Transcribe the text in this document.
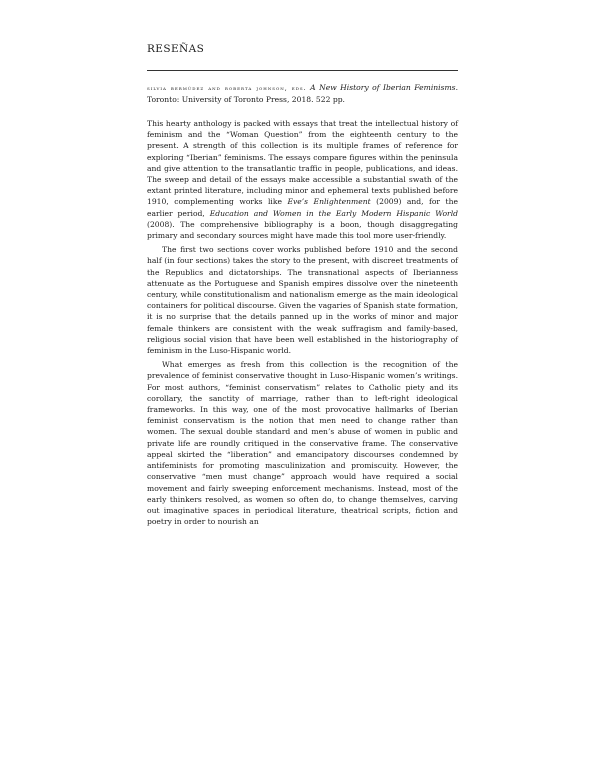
RESEÑAS

silvia bermúdez and roberta johnson, eds. A New History of Iberian Feminisms. Toronto: University of Toronto Press, 2018. 522 pp.

This hearty anthology is packed with essays that treat the intellectual history of feminism and the “Woman Question” from the eighteenth century to the present. A strength of this collection is its multiple frames of reference for exploring “Iberian” feminisms. The essays compare figures within the peninsula and give attention to the transatlantic traffic in people, publications, and ideas. The sweep and detail of the essays make accessible a substantial swath of the extant printed literature, including minor and ephemeral texts published before 1910, complementing works like Eve’s Enlightenment (2009) and, for the earlier period, Education and Women in the Early Modern Hispanic World (2008). The comprehensive bibliography is a boon, though disaggregating primary and secondary sources might have made this tool more user-friendly.

The first two sections cover works published before 1910 and the second half (in four sections) takes the story to the present, with discreet treatments of the Republics and dictatorships. The transnational aspects of Iberianness attenuate as the Portuguese and Spanish empires dissolve over the nineteenth century, while constitutionalism and nationalism emerge as the main ideological containers for political discourse. Given the vagaries of Spanish state formation, it is no surprise that the details panned up in the works of minor and major female thinkers are consistent with the weak suffragism and family-based, religious social vision that have been well established in the historiography of feminism in the Luso-Hispanic world.

What emerges as fresh from this collection is the recognition of the prevalence of feminist conservative thought in Luso-Hispanic women’s writings. For most authors, “feminist conservatism” relates to Catholic piety and its corollary, the sanctity of marriage, rather than to left-right ideological frameworks. In this way, one of the most provocative hallmarks of Iberian feminist conservatism is the notion that men need to change rather than women. The sexual double standard and men’s abuse of women in public and private life are roundly critiqued in the conservative frame. The conservative appeal skirted the “liberation” and emancipatory discourses condemned by antifeminists for promoting masculinization and promiscuity. However, the conservative “men must change” approach would have required a social movement and fairly sweeping enforcement mechanisms. Instead, most of the early thinkers resolved, as women so often do, to change themselves, carving out imaginative spaces in periodical literature, theatrical scripts, fiction and poetry in order to nourish an
